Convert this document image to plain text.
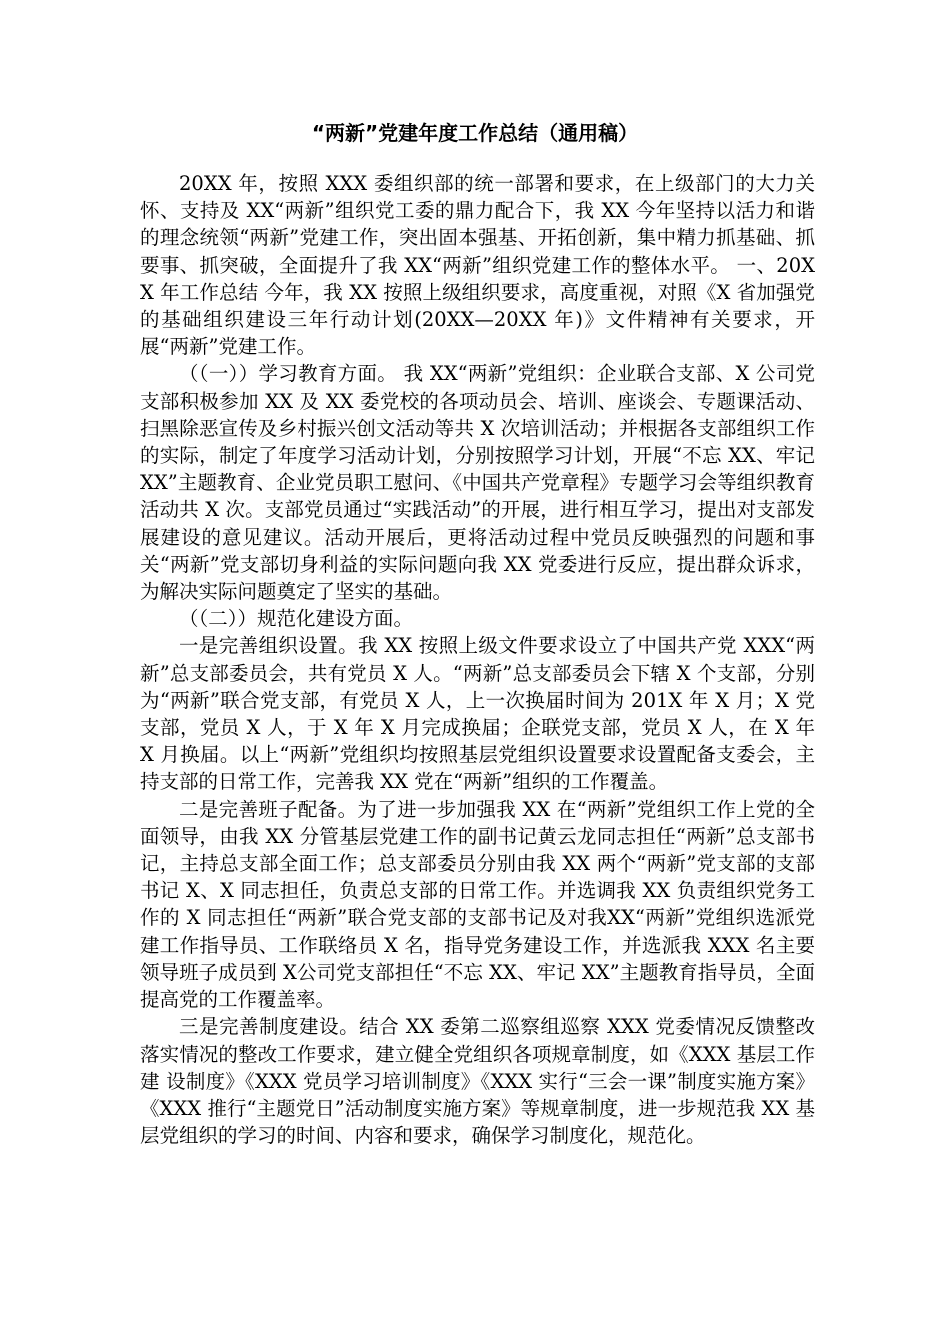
“两新”党建年度工作总结（通用稿）

20XX 年，按照 XXX 委组织部的统一部署和要求，在上级部门的大力关怀、支持及 XX“两新”组织党工委的鼎力配合下，我 XX 今年坚持以活力和谐的理念统领“两新”党建工作，突出固本强基、开拓创新，集中精力抓基础、抓要事、抓突破，全面提升了我 XX“两新”组织党建工作的整体水平。 一、20XX 年工作总结 今年，我 XX 按照上级组织要求，高度重视，对照《X 省加强党的基础组织建设三年行动计划(20XX—20XX 年)》文件精神有关要求，开展“两新”党建工作。

（（一））学习教育方面。 我 XX“两新”党组织：企业联合支部、X 公司党支部积极参加 XX 及 XX 委党校的各项动员会、培训、座谈会、专题课活动、扫黑除恶宣传及乡村振兴创文活动等共 X 次培训活动；并根据各支部组织工作的实际，制定了年度学习活动计划，分别按照学习计划，开展“不忘 XX、牢记 XX”主题教育、企业党员职工慰问、《中国共产党章程》专题学习会等组织教育活动共 X 次。支部党员通过“实践活动”的开展，进行相互学习，提出对支部发展建设的意见建议。活动开展后，更将活动过程中党员反映强烈的问题和事关“两新”党支部切身利益的实际问题向我 XX 党委进行反应，提出群众诉求，为解决实际问题奠定了坚实的基础。

（（二））规范化建设方面。

一是完善组织设置。我 XX 按照上级文件要求设立了中国共产党 XXX“两新”总支部委员会，共有党员 X 人。“两新”总支部委员会下辖 X 个支部，分别为“两新”联合党支部，有党员 X 人，上一次换届时间为 201X 年 X 月；X 党支部，党员 X 人，于 X 年 X 月完成换届；企联党支部，党员 X 人，在 X 年 X 月换届。以上“两新”党组织均按照基层党组织设置要求设置配备支委会，主持支部的日常工作，完善我 XX 党在“两新”组织的工作覆盖。

二是完善班子配备。为了进一步加强我 XX 在“两新”党组织工作上党的全面领导，由我 XX 分管基层党建工作的副书记黄云龙同志担任“两新”总支部书记，主持总支部全面工作；总支部委员分别由我 XX 两个“两新”党支部的支部书记 X、X 同志担任，负责总支部的日常工作。并选调我 XX 负责组织党务工作的 X 同志担任“两新”联合党支部的支部书记及对我XX“两新”党组织选派党建工作指导员、工作联络员 X 名，指导党务建设工作，并选派我 XXX 名主要领导班子成员到 X公司党支部担任“不忘 XX、牢记 XX”主题教育指导员，全面提高党的工作覆盖率。

三是完善制度建设。结合 XX 委第二巡察组巡察 XXX 党委情况反馈整改落实情况的整改工作要求，建立健全党组织各项规章制度，如《XXX 基层工作建 设制度》《XXX 党员学习培训制度》《XXX 实行“三会一课”制度实施方案》《XXX 推行“主题党日”活动制度实施方案》等规章制度，进一步规范我 XX 基层党组织的学习的时间、内容和要求，确保学习制度化，规范化。
